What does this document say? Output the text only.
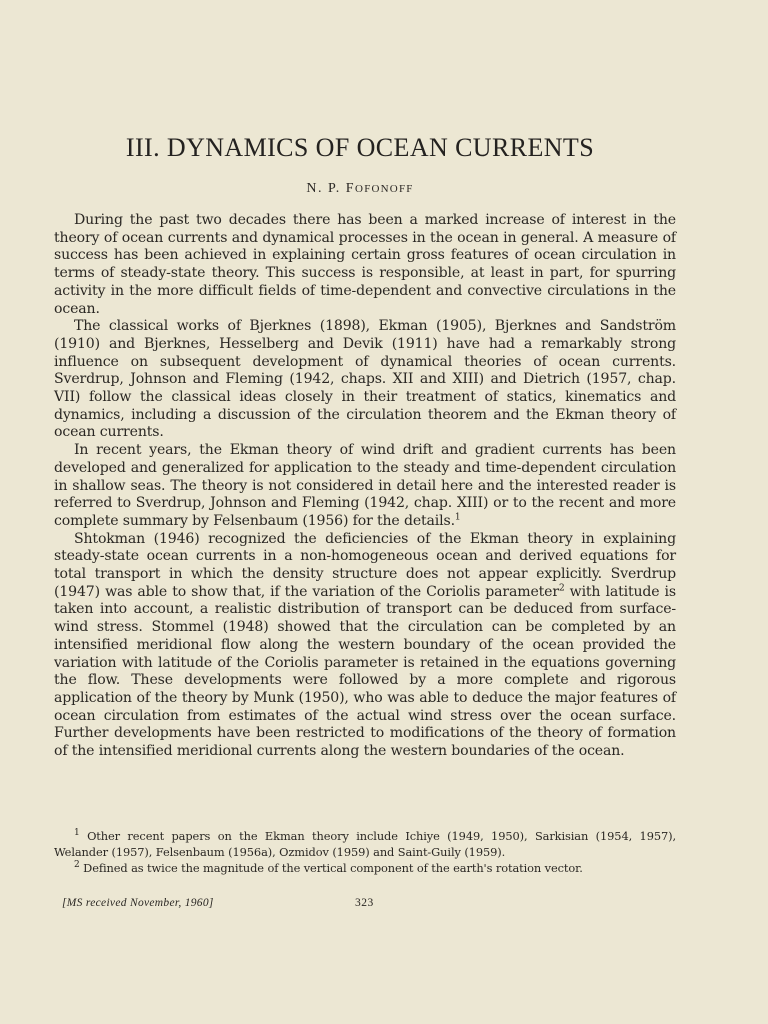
III. DYNAMICS OF OCEAN CURRENTS
N. P. FOFONOFF

During the past two decades there has been a marked increase of interest in the theory of ocean currents and dynamical processes in the ocean in general. A measure of success has been achieved in explaining certain gross features of ocean circulation in terms of steady-state theory. This success is responsible, at least in part, for spurring activity in the more difficult fields of time-dependent and convective circulations in the ocean.

The classical works of Bjerknes (1898), Ekman (1905), Bjerknes and Sandström (1910) and Bjerknes, Hesselberg and Devik (1911) have had a remarkably strong influence on subsequent development of dynamical theories of ocean currents. Sverdrup, Johnson and Fleming (1942, chaps. XII and XIII) and Dietrich (1957, chap. VII) follow the classical ideas closely in their treatment of statics, kinematics and dynamics, including a discussion of the circulation theorem and the Ekman theory of ocean currents.

In recent years, the Ekman theory of wind drift and gradient currents has been developed and generalized for application to the steady and time-dependent circulation in shallow seas. The theory is not considered in detail here and the interested reader is referred to Sverdrup, Johnson and Fleming (1942, chap. XIII) or to the recent and more complete summary by Felsenbaum (1956) for the details.$^1$

Shtokman (1946) recognized the deficiencies of the Ekman theory in explaining steady-state ocean currents in a non-homogeneous ocean and derived equations for total transport in which the density structure does not appear explicitly. Sverdrup (1947) was able to show that, if the variation of the Coriolis parameter$^2$ with latitude is taken into account, a realistic distribution of transport can be deduced from surface-wind stress. Stommel (1948) showed that the circulation can be completed by an intensified meridional flow along the western boundary of the ocean provided the variation with latitude of the Coriolis parameter is retained in the equations governing the flow. These developments were followed by a more complete and rigorous application of the theory by Munk (1950), who was able to deduce the major features of ocean circulation from estimates of the actual wind stress over the ocean surface. Further developments have been restricted to modifications of the theory of formation of the intensified meridional currents along the western boundaries of the ocean.

$^1$ Other recent papers on the Ekman theory include Ichiye (1949, 1950), Sarkisian (1954, 1957), Welander (1957), Felsenbaum (1956a), Ozmidov (1959) and Saint-Guily (1959).

$^2$ Defined as twice the magnitude of the vertical component of the earth's rotation vector.

[MS received November, 1960]	323
